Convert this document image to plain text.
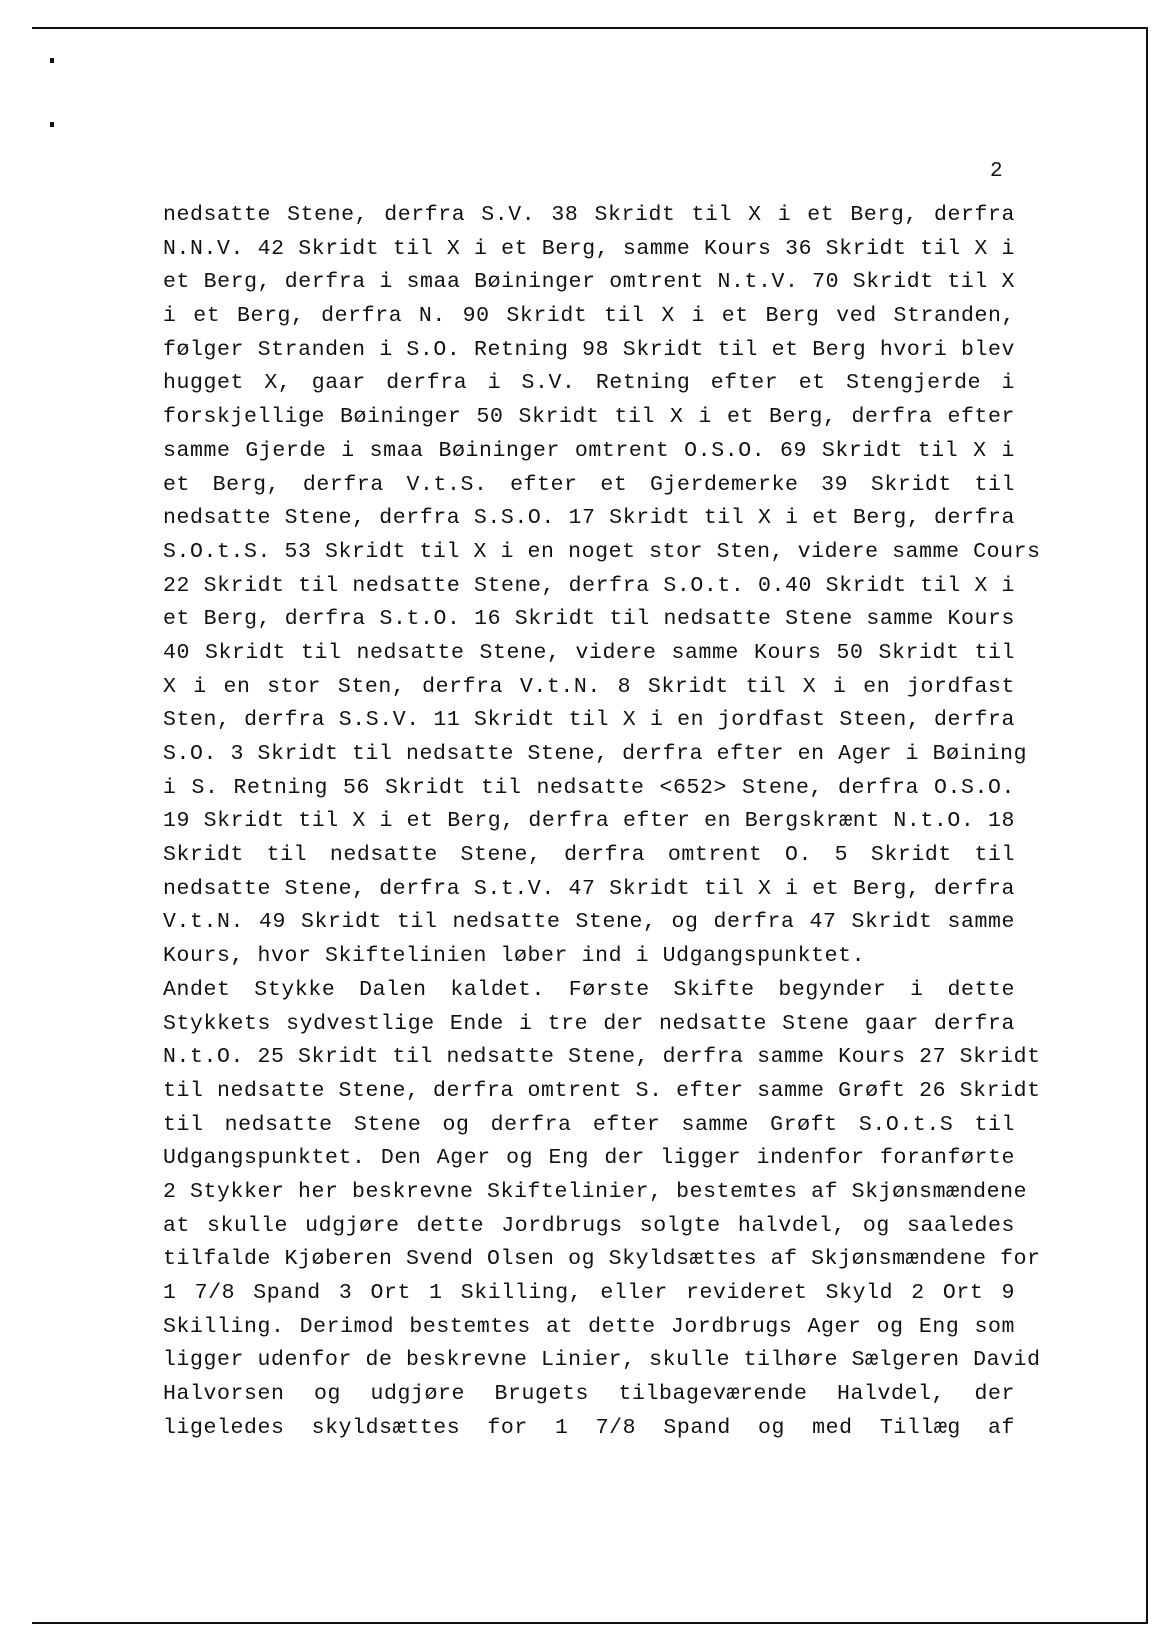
2
nedsatte Stene, derfra S.V. 38 Skridt til X i et Berg, derfra
N.N.V. 42 Skridt til X i et Berg, samme Kours 36 Skridt til X i
et Berg, derfra i smaa Bøininger omtrent N.t.V. 70 Skridt til X
i et Berg, derfra N. 90 Skridt til X i et Berg ved Stranden,
følger Stranden i S.O. Retning 98 Skridt til et Berg hvori blev
hugget X, gaar derfra i S.V. Retning efter et Stengjerde i
forskjellige Bøininger 50 Skridt til X i et Berg, derfra efter
samme Gjerde i smaa Bøininger omtrent O.S.O. 69 Skridt til X i
et Berg, derfra V.t.S. efter et Gjerdemerke 39 Skridt til
nedsatte Stene, derfra S.S.O. 17 Skridt til X i et Berg, derfra
S.O.t.S. 53 Skridt til X i en noget stor Sten, videre samme Cours
22 Skridt til nedsatte Stene, derfra S.O.t. 0.40 Skridt til X i
et Berg, derfra S.t.O. 16 Skridt til nedsatte Stene samme Kours
40 Skridt til nedsatte Stene, videre samme Kours 50 Skridt til
X i en stor Sten, derfra V.t.N. 8 Skridt til X i en jordfast
Sten, derfra S.S.V. 11 Skridt til X i en jordfast Steen, derfra
S.O. 3 Skridt til nedsatte Stene, derfra efter en Ager i Bøining
i S. Retning 56 Skridt til nedsatte <652> Stene, derfra O.S.O.
19 Skridt til X i et Berg, derfra efter en Bergskrænt N.t.O. 18
Skridt til nedsatte Stene, derfra omtrent O. 5 Skridt til
nedsatte Stene, derfra S.t.V. 47 Skridt til X i et Berg, derfra
V.t.N. 49 Skridt til nedsatte Stene, og derfra 47 Skridt samme
Kours, hvor Skiftelinien løber ind i Udgangspunktet.
Andet Stykke Dalen kaldet. Første Skifte begynder i dette
Stykkets sydvestlige Ende i tre der nedsatte Stene gaar derfra
N.t.O. 25 Skridt til nedsatte Stene, derfra samme Kours 27 Skridt
til nedsatte Stene, derfra omtrent S. efter samme Grøft 26 Skridt
til nedsatte Stene og derfra efter samme Grøft S.O.t.S til
Udgangspunktet. Den Ager og Eng der ligger indenfor foranførte
2 Stykker her beskrevne Skiftelinier, bestemtes af Skjønsmændene
at skulle udgjøre dette Jordbrugs solgte halvdel, og saaledes
tilfalde Kjøberen Svend Olsen og Skyldsættes af Skjønsmændene for
1 7/8 Spand 3 Ort 1 Skilling, eller revideret Skyld 2 Ort 9
Skilling. Derimod bestemtes at dette Jordbrugs Ager og Eng som
ligger udenfor de beskrevne Linier, skulle tilhøre Sælgeren David
Halvorsen og udgjøre Brugets tilbageværende Halvdel, der
ligeledes skyldsættes for 1 7/8 Spand og med Tillæg af
